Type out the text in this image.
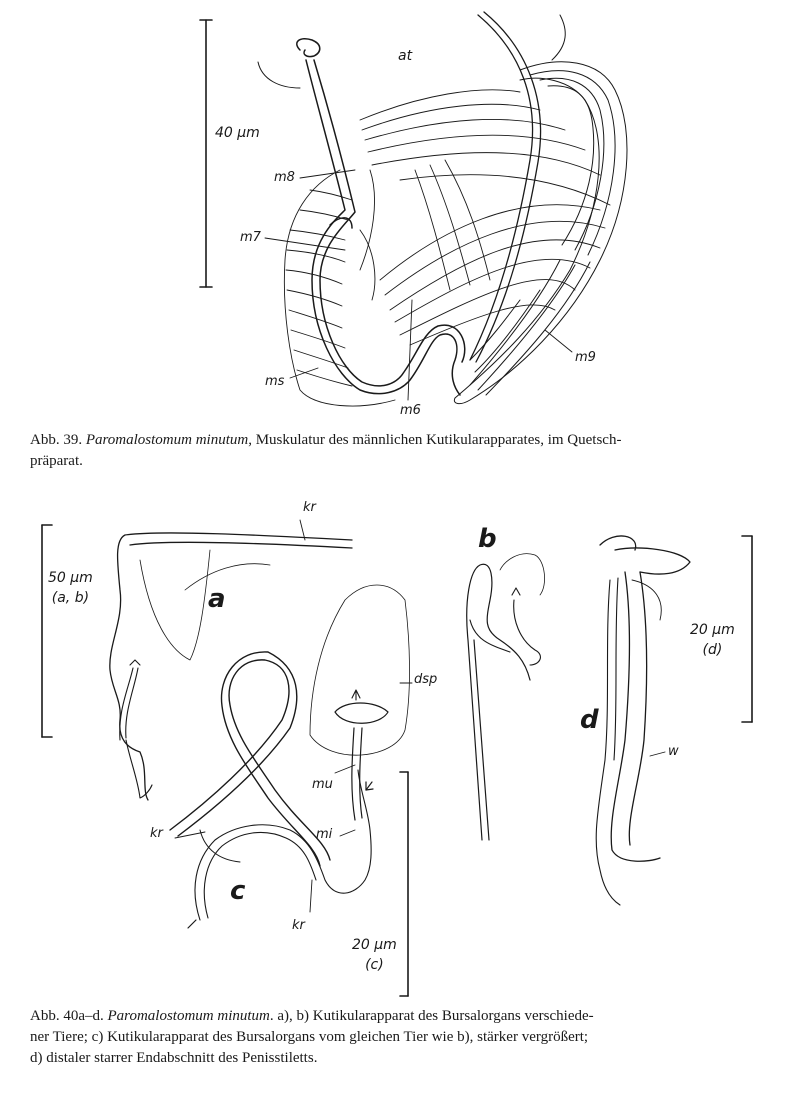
at
40 µm
m8
m7
ms
m6
m9
Abb. 39. Paromalostomum minutum, Muskulatur des männlichen Kutikularapparates, im Quetsch-
präparat.
kr
50 µm
(a, b)	a
b
c
d
dsp
mu
mi
kr
kr
20 µm
(c)
20 µm
(d)
w
Abb. 40a–d. Paromalostomum minutum. a), b) Kutikularapparat des Bursalorgans verschiede-
ner Tiere; c) Kutikularapparat des Bursalorgans vom gleichen Tier wie b), stärker vergrößert;
d) distaler starrer Endabschnitt des Penisstiletts.
